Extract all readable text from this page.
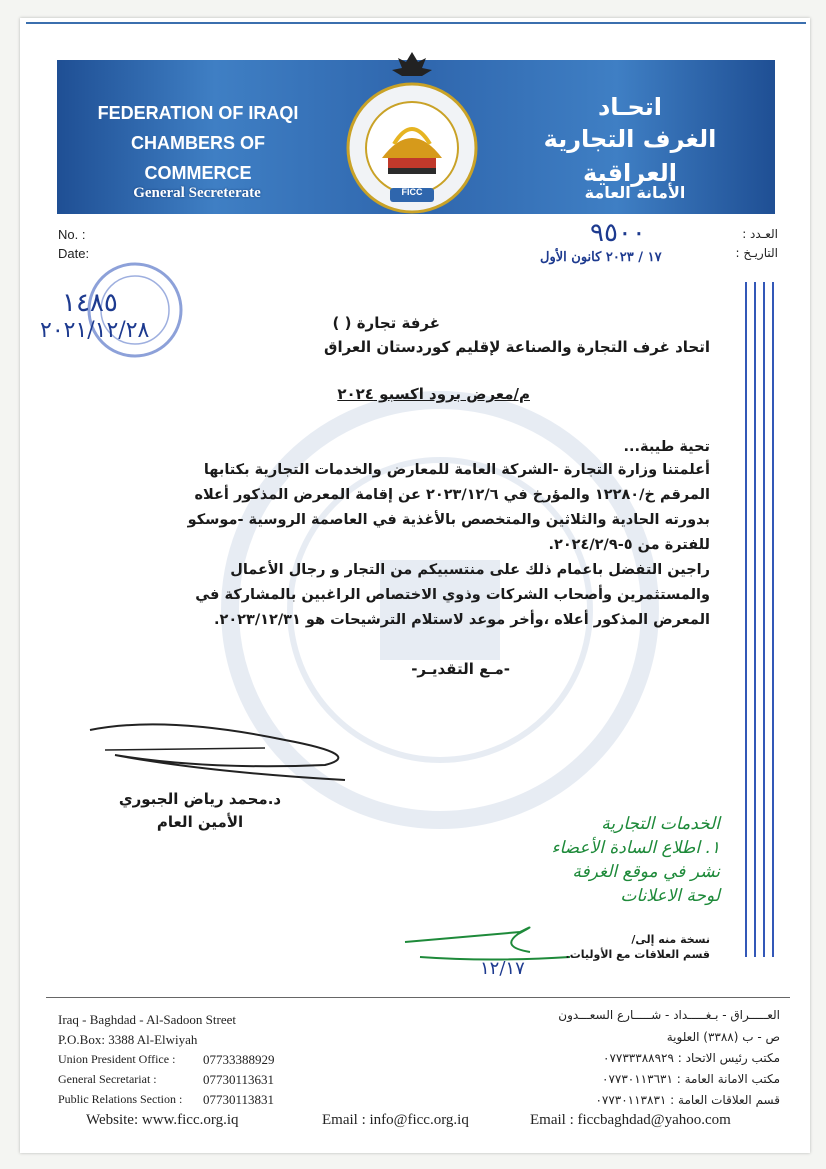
FEDERATION OF IRAQI
CHAMBERS OF COMMERCE
General Secreterate
اتحـاد
الغرف التجارية العراقية
الأمانة العامة
FICC
No. :
Date:
العـدد :
التاريـخ :
٩٥٠٠
١٧ / ٢٠٢٣ كانون الأول
١٤٨٥
٢٠٢١/١٢/٢٨	غرفة تجارة ( )
اتحاد غرف التجارة والصناعة لإقليم كوردستان العراق
م/معرض برود اكسبو ٢٠٢٤
تحية طيبة...
أعلمتنا وزارة التجارة -الشركة العامة للمعارض والخدمات التجارية بكتابها
المرقم خ/١٢٢٨٠ والمؤرخ في ٢٠٢٣/١٢/٦ عن إقامة المعرض المذكور أعلاه
بدورته الحادية والثلاثين والمتخصص بالأغذية في العاصمة الروسية -موسكو
للفترة من ٥-٢٠٢٤/٢/٩.
راجين التفضل باعمام ذلك على منتسبيكم من التجار و رجال الأعمال
والمستثمرين وأصحاب الشركات وذوي الاختصاص الراغبين بالمشاركة في
المعرض المذكور أعلاه ،وأخر موعد لاستلام الترشيحات هو ٢٠٢٣/١٢/٣١.
-مـع التقديـر-
د.محمد رياض الجبوري
الأمين العام	الخدمات التجارية
١. اطلاع السادة الأعضاء
نشر في موقع الغرفة
لوحة الاعلانات
نسخة منه إلى/
قسم العلاقات مع الأوليات.
١٢/١٧
Iraq - Baghdad - Al-Sadoon Street
P.O.Box: 3388 Al-Elwiyah
Union President Office : 07733388929
General Secretariat :	07730113631
Public Relations Section : 07730113831
العـــــراق - بـغـــــداد - شـــــارع السعـــدون
ص - ب (٣٣٨٨) العلوية
مكتب رئيس الاتحاد : ٠٧٧٣٣٣٨٨٩٢٩
مكتب الامانة العامة : ٠٧٧٣٠١١٣٦٣١
قسم العلاقات العامة : ٠٧٧٣٠١١٣٨٣١
Website: www.ficc.org.iq	Email : info@ficc.org.iq	Email : ficcbaghdad@yahoo.com
